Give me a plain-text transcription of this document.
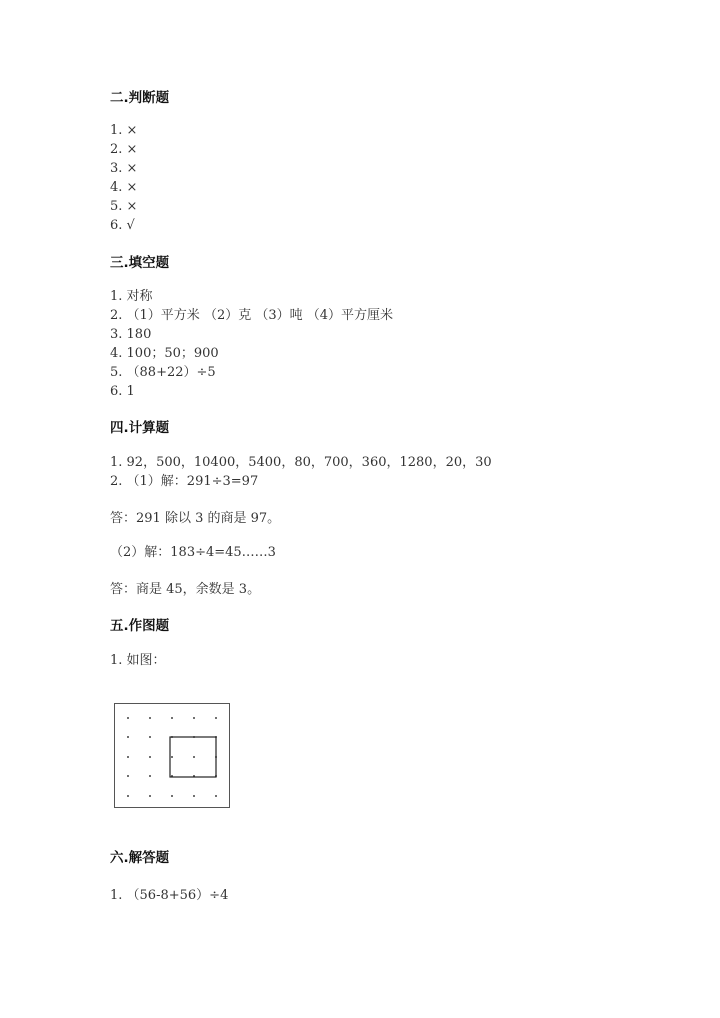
二.判断题
1. ×
2. ×
3. ×
4. ×
5. ×
6. √
三.填空题
1. 对称
2. （1）平方米 （2）克 （3）吨 （4）平方厘米
3. 180
4. 100；50；900
5. （88+22）÷5
6. 1
四.计算题
1. 92，500，10400，5400，80，700，360，1280，20，30
2. （1）解：291÷3=97
答：291 除以 3 的商是 97。
（2）解：183÷4=45……3
答：商是 45，余数是 3。
五.作图题
1. 如图：
六.解答题
1. （56-8+56）÷4
